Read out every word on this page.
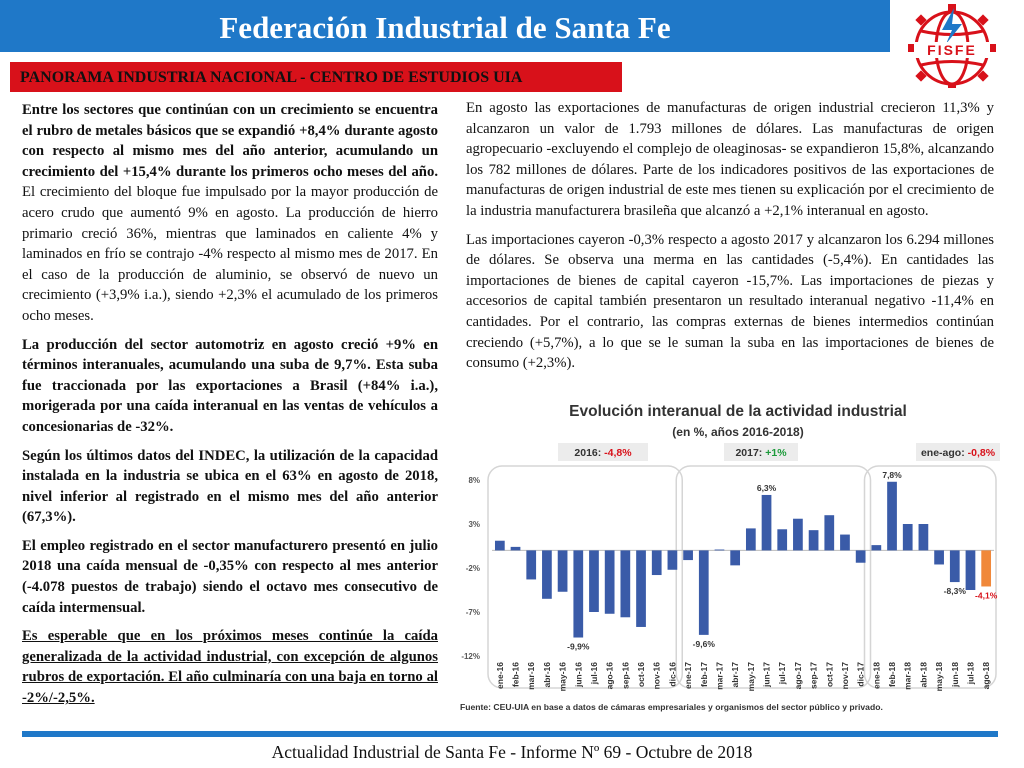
Federación Industrial de Santa Fe
FISFE
PANORAMA INDUSTRIA NACIONAL - CENTRO DE ESTUDIOS UIA

Entre los sectores que continúan con un crecimiento se encuentra el rubro de metales básicos que se expandió +8,4% durante agosto con respecto al mismo mes del año anterior, acumulando un crecimiento del +15,4% durante los primeros ocho meses del año. El crecimiento del bloque fue impulsado por la mayor producción de acero crudo que aumentó 9% en agosto. La producción de hierro primario creció 36%, mientras que laminados en caliente 4% y laminados en frío se contrajo -4% respecto al mismo mes de 2017. En el caso de la producción de aluminio, se observó de nuevo un crecimiento (+3,9% i.a.), siendo +2,3% el acumulado de los primeros ocho meses.

La producción del sector automotriz en agosto creció +9% en términos interanuales, acumulando una suba de 9,7%. Esta suba fue traccionada por las exportaciones a Brasil (+84% i.a.), morigerada por una caída interanual en las ventas de vehículos a concesionarias de -32%.

Según los últimos datos del INDEC, la utilización de la capacidad instalada en la industria se ubica en el 63% en agosto de 2018, nivel inferior al registrado en el mismo mes del año anterior (67,3%).

El empleo registrado en el sector manufacturero presentó en julio 2018 una caída mensual de -0,35% con respecto al mes anterior (-4.078 puestos de trabajo) siendo el octavo mes consecutivo de caída intermensual.

Es esperable que en los próximos meses continúe la caída generalizada de la actividad industrial, con excepción de algunos rubros de exportación. El año culminaría con una baja en torno al -2%/-2,5%.

En agosto las exportaciones de manufacturas de origen industrial crecieron 11,3% y alcanzaron un valor de 1.793 millones de dólares. Las manufacturas de origen agropecuario -excluyendo el complejo de oleaginosas- se expandieron 15,8%, alcanzando los 782 millones de dólares. Parte de los indicadores positivos de las exportaciones de manufacturas de origen industrial de este mes tienen su explicación por el crecimiento de la industria manufacturera brasileña que alcanzó a +2,1% interanual en agosto.

Las importaciones cayeron -0,3% respecto a agosto 2017 y alcanzaron los 6.294 millones de dólares. Se observa una merma en las cantidades (-5,4%). En cantidades las importaciones de bienes de capital cayeron -15,7%. Las importaciones de piezas y accesorios de capital también presentaron un resultado interanual negativo -11,4% en cantidades. Por el contrario, las compras externas de bienes intermedios continúan creciendo (+5,7%), a lo que se le suman la suba en las importaciones de bienes de consumo (+2,3%).

Evolución interanual de la actividad industrial
(en %, años 2016-2018)
8%
3%
-2%
-7%
-12%
2016: -4,8%	2017: +1%	ene-ago: -0,8%
ene-16 feb-16 mar-16 abr-16 may-16 jun-16 jul-16 ago-16 sep-16 oct-16 nov-16 dic-16 ene-17 feb-17 mar-17 abr-17 may-17 jun-17 jul-17 ago-17 sep-17 oct-17 nov-17 dic-17 ene-18 feb-18 mar-18 abr-18 may-18 jun-18 jul-18 ago-18
-9,9%	-9,6%
6,3%
7,8%
-8,3% -4,1%
Fuente: CEU-UIA en base a datos de cámaras empresariales y organismos del sector público y privado.
Actualidad Industrial de Santa Fe - Informe Nº 69 - Octubre de 2018
